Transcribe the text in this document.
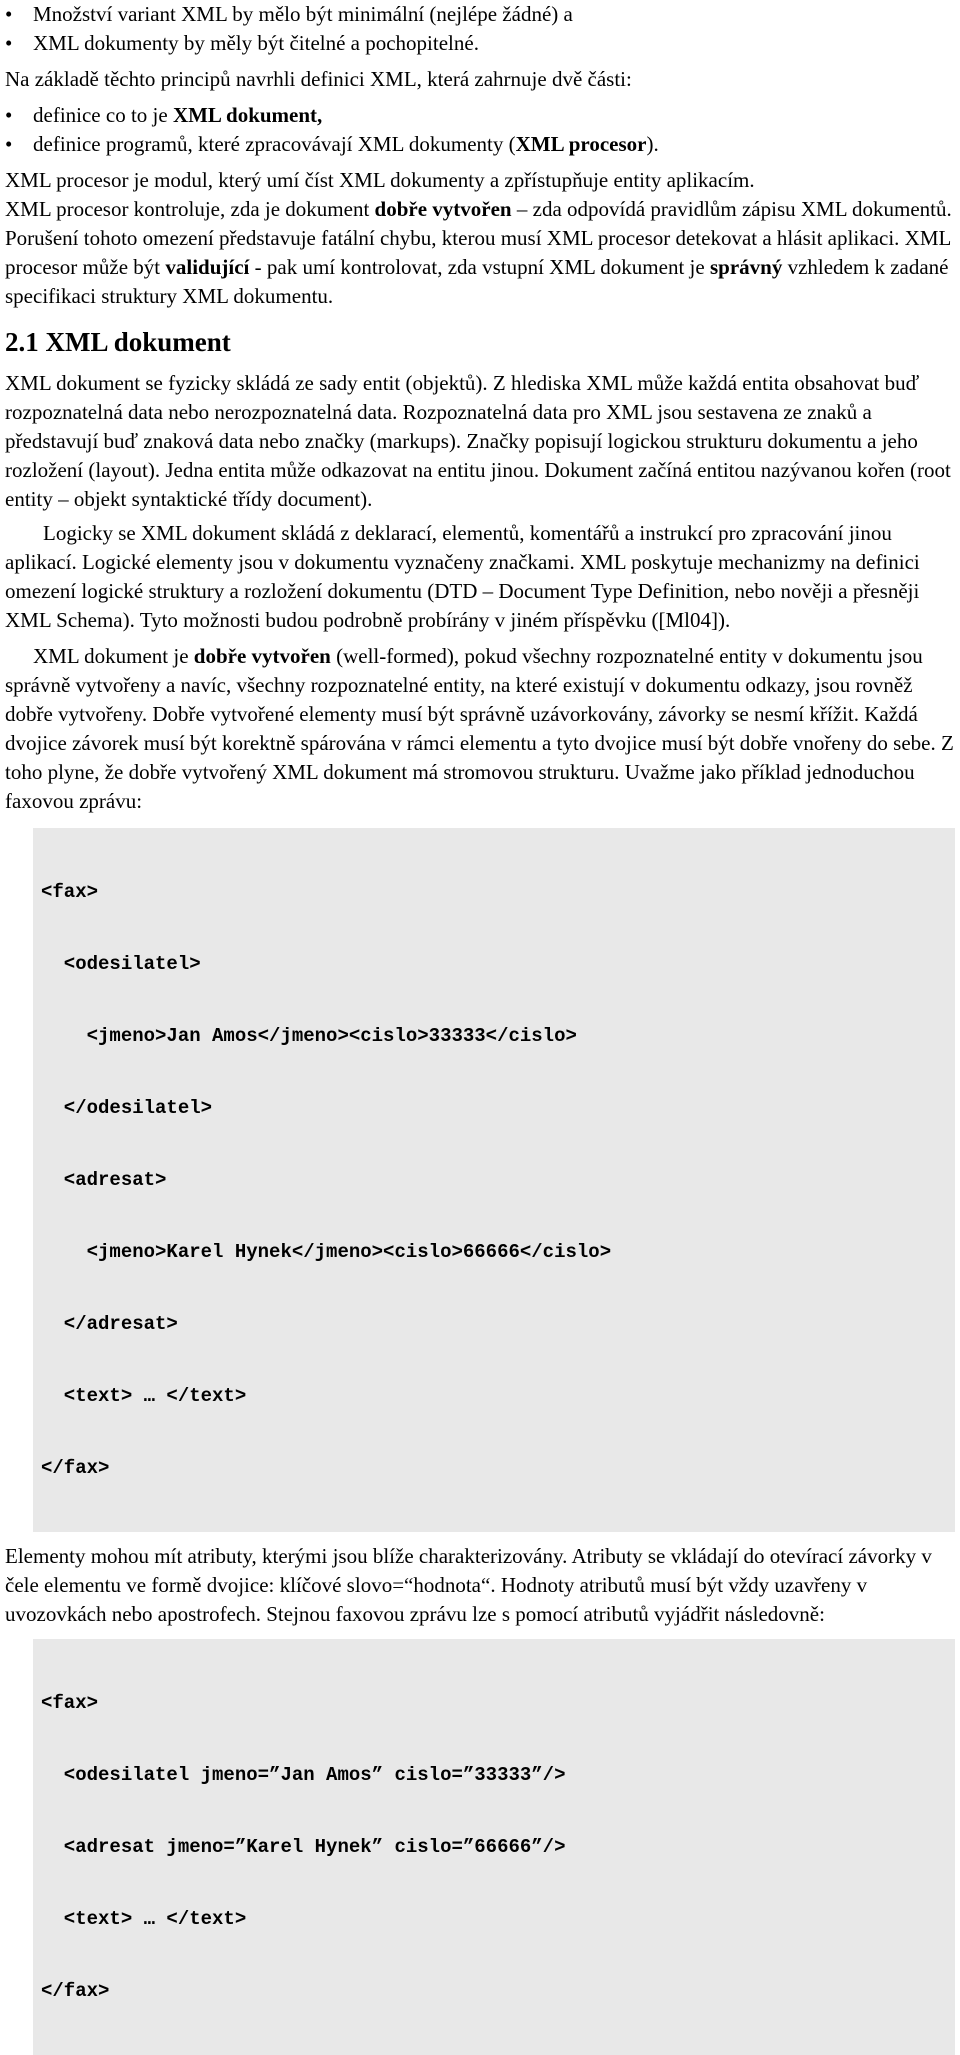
• Množství variant XML by mělo být minimální (nejlépe žádné) a
• XML dokumenty by měly být čitelné a pochopitelné.

Na základě těchto principů navrhli definici XML, která zahrnuje dvě části:

• definice co to je XML dokument,
• definice programů, které zpracovávají XML dokumenty (XML procesor).

XML procesor je modul, který umí číst XML dokumenty a zpřístupňuje entity aplikacím.

XML procesor kontroluje, zda je dokument dobře vytvořen – zda odpovídá pravidlům zápisu XML dokumentů. Porušení tohoto omezení představuje fatální chybu, kterou musí XML procesor detekovat a hlásit aplikaci. XML procesor může být validující - pak umí kontrolovat, zda vstupní XML dokument je správný vzhledem k zadané specifikaci struktury XML dokumentu.

2.1 XML dokument

XML dokument se fyzicky skládá ze sady entit (objektů). Z hlediska XML může každá entita obsahovat buď rozpoznatelná data nebo nerozpoznatelná data. Rozpoznatelná data pro XML jsou sestavena ze znaků a představují buď znaková data nebo značky (markups). Značky popisují logickou strukturu dokumentu a jeho rozložení (layout). Jedna entita může odkazovat na entitu jinou. Dokument začíná entitou nazývanou kořen (root entity – objekt syntaktické třídy document).

Logicky se XML dokument skládá z deklarací, elementů, komentářů a instrukcí pro zpracování jinou aplikací. Logické elementy jsou v dokumentu vyznačeny značkami. XML poskytuje mechanizmy na definici omezení logické struktury a rozložení dokumentu (DTD – Document Type Definition, nebo nověji a přesněji XML Schema). Tyto možnosti budou podrobně probírány v jiném příspěvku ([Ml04]).

XML dokument je dobře vytvořen (well-formed), pokud všechny rozpoznatelné entity v dokumentu jsou správně vytvořeny a navíc, všechny rozpoznatelné entity, na které existují v dokumentu odkazy, jsou rovněž dobře vytvořeny. Dobře vytvořené elementy musí být správně uzávorkovány, závorky se nesmí křížit. Každá dvojice závorek musí být korektně spárována v rámci elementu a tyto dvojice musí být dobře vnořeny do sebe. Z toho plyne, že dobře vytvořený XML dokument má stromovou strukturu. Uvažme jako příklad jednoduchou faxovou zprávu:

<fax>

<odesilatel>

<jmeno>Jan Amos</jmeno><cislo>33333</cislo>

</odesilatel>

<adresat>

<jmeno>Karel Hynek</jmeno><cislo>66666</cislo>

</adresat>

<text> … </text>

</fax>

Elementy mohou mít atributy, kterými jsou blíže charakterizovány. Atributy se vkládají do otevírací závorky v čele elementu ve formě dvojice: klíčové slovo=“hodnota“. Hodnoty atributů musí být vždy uzavřeny v uvozovkách nebo apostrofech. Stejnou faxovou zprávu lze s pomocí atributů vyjádřit následovně:

<fax>

<odesilatel jmeno=”Jan Amos” cislo=”33333”/>

<adresat jmeno=”Karel Hynek” cislo=”66666”/>

<text> … </text>

</fax>
